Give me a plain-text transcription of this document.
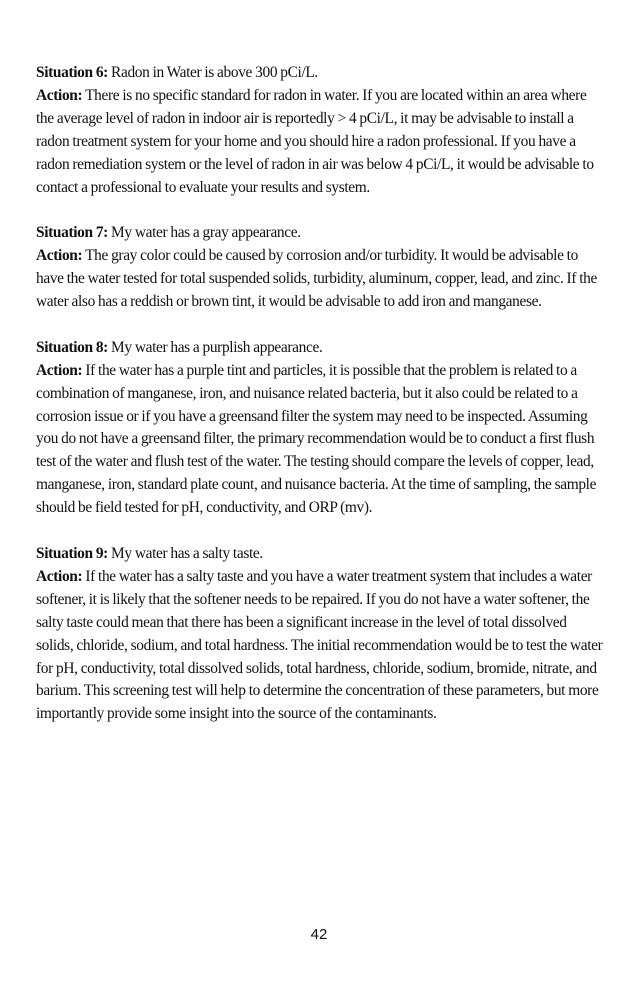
Situation 6: Radon in Water is above 300 pCi/L.

Action: There is no specific standard for radon in water. If you are located within an area where the average level of radon in indoor air is reportedly > 4 pCi/L, it may be advisable to install a radon treatment system for your home and you should hire a radon professional. If you have a radon remediation system or the level of radon in air was below 4 pCi/L, it would be advisable to contact a professional to evaluate your results and system.

Situation 7: My water has a gray appearance.

Action: The gray color could be caused by corrosion and/or turbidity. It would be advisable to have the water tested for total suspended solids, turbidity, aluminum, copper, lead, and zinc. If the water also has a reddish or brown tint, it would be advisable to add iron and manganese.

Situation 8: My water has a purplish appearance.

Action: If the water has a purple tint and particles, it is possible that the problem is related to a combination of manganese, iron, and nuisance related bacteria, but it also could be related to a corrosion issue or if you have a greensand filter the system may need to be inspected. Assuming you do not have a greensand filter, the primary recommendation would be to conduct a first flush test of the water and flush test of the water. The testing should compare the levels of copper, lead, manganese, iron, standard plate count, and nuisance bacteria. At the time of sampling, the sample should be field tested for pH, conductivity, and ORP (mv).

Situation 9: My water has a salty taste.

Action: If the water has a salty taste and you have a water treatment system that includes a water softener, it is likely that the softener needs to be repaired. If you do not have a water softener, the salty taste could mean that there has been a significant increase in the level of total dissolved solids, chloride, sodium, and total hardness. The initial recommendation would be to test the water for pH, conductivity, total dissolved solids, total hardness, chloride, sodium, bromide, nitrate, and barium. This screening test will help to determine the concentration of these parameters, but more importantly provide some insight into the source of the contaminants.

42
